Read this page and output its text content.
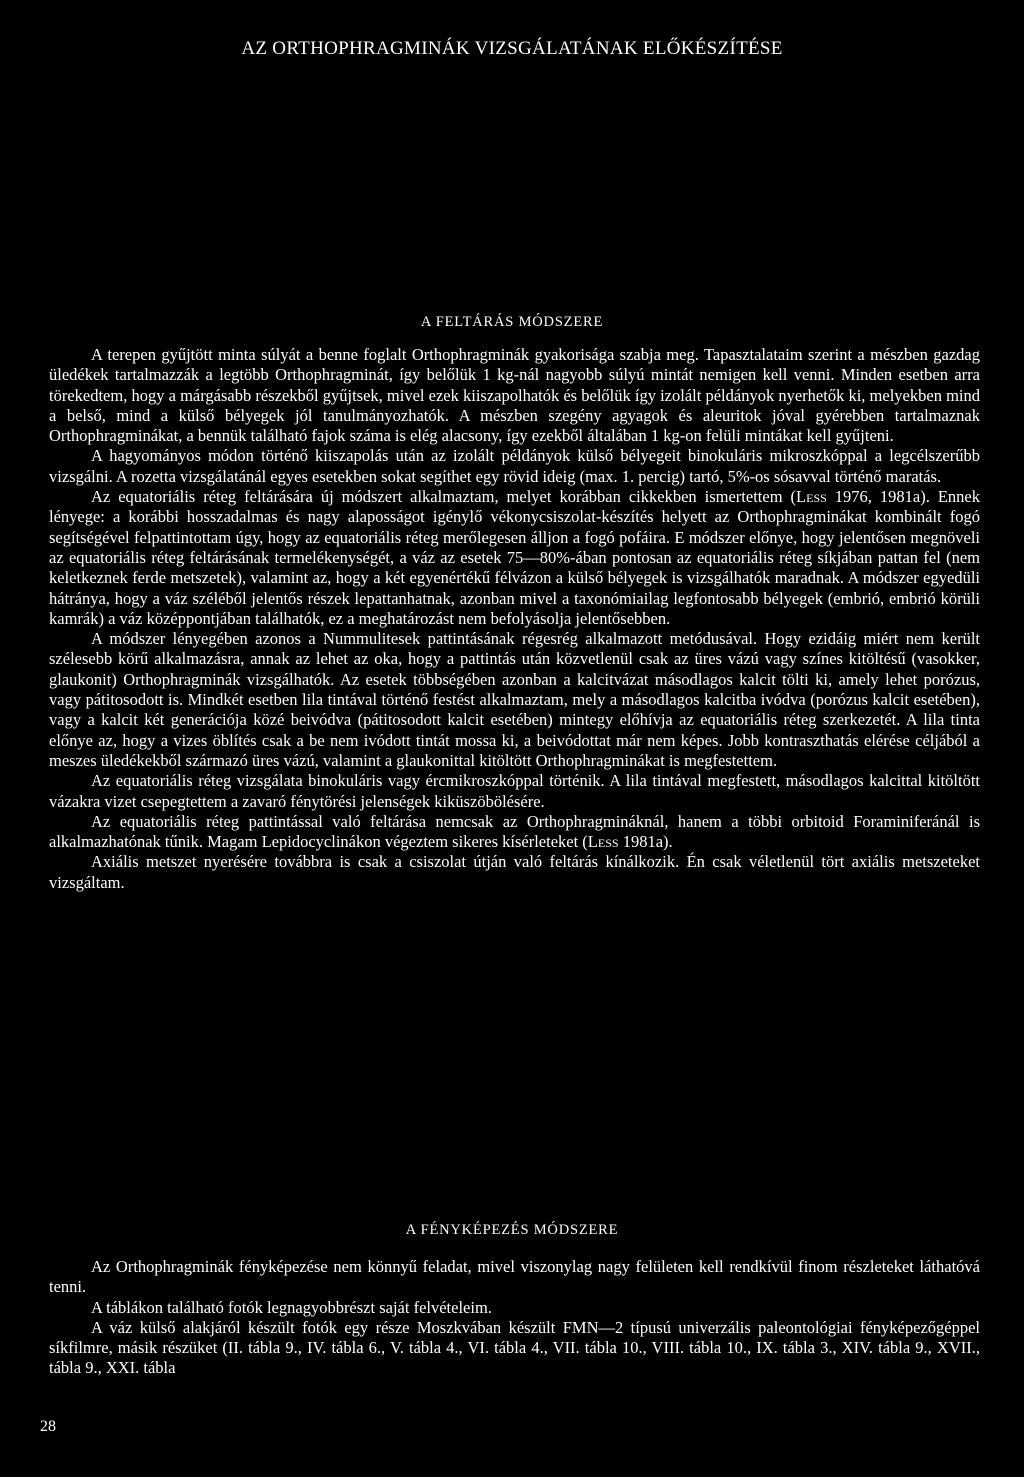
AZ ORTHOPHRAGMINÁK VIZSGÁLATÁNAK ELŐKÉSZÍTÉSE
A FELTÁRÁS MÓDSZERE

A terepen gyűjtött minta súlyát a benne foglalt Orthophragminák gyakorisága szabja meg. Tapasztalataim szerint a mészben gazdag üledékek tartalmazzák a legtöbb Orthophragminát, így belőlük 1 kg-nál nagyobb súlyú mintát nemigen kell venni. Minden esetben arra törekedtem, hogy a márgásabb részekből gyűjtsek, mivel ezek kiiszapolhatók és belőlük így izolált példányok nyerhetők ki, melyekben mind a belső, mind a külső bélyegek jól tanulmányozhatók. A mészben szegény agyagok és aleuritok jóval gyérebben tartalmaznak Orthophragminákat, a bennük található fajok száma is elég alacsony, így ezekből általában 1 kg-on felüli mintákat kell gyűjteni.

A hagyományos módon történő kiiszapolás után az izolált példányok külső bélyegeit binokuláris mikroszkóppal a legcélszerűbb vizsgálni. A rozetta vizsgálatánál egyes esetekben sokat segíthet egy rövid ideig (max. 1. percig) tartó, 5%-os sósavval történő maratás.

Az equatoriális réteg feltárására új módszert alkalmaztam, melyet korábban cikkekben ismertettem (Less 1976, 1981a). Ennek lényege: a korábbi hosszadalmas és nagy alaposságot igénylő vékonycsiszolat-készítés helyett az Orthophragminákat kombinált fogó segítségével felpattintottam úgy, hogy az equatoriális réteg merőlegesen álljon a fogó pofáira. E módszer előnye, hogy jelentősen megnöveli az equatoriális réteg feltárásának termelékenységét, a váz az esetek 75—80%-ában pontosan az equatoriális réteg síkjában pattan fel (nem keletkeznek ferde metszetek), valamint az, hogy a két egyenértékű félvázon a külső bélyegek is vizsgálhatók maradnak. A módszer egyedüli hátránya, hogy a váz széléből jelentős részek lepattanhatnak, azonban mivel a taxonómiailag legfontosabb bélyegek (embrió, embrió körüli kamrák) a váz középpontjában találhatók, ez a meghatározást nem befolyásolja jelentősebben.

A módszer lényegében azonos a Nummulitesek pattintásának régesrég alkalmazott metódusával. Hogy ezidáig miért nem került szélesebb körű alkalmazásra, annak az lehet az oka, hogy a pattintás után közvetlenül csak az üres vázú vagy színes kitöltésű (vasokker, glaukonit) Orthophragminák vizsgálhatók. Az esetek többségében azonban a kalcitvázat másodlagos kalcit tölti ki, amely lehet porózus, vagy pátitosodott is. Mindkét esetben lila tintával történő festést alkalmaztam, mely a másodlagos kalcitba ivódva (porózus kalcit esetében), vagy a kalcit két generációja közé beivódva (pátitosodott kalcit esetében) mintegy előhívja az equatoriális réteg szerkezetét. A lila tinta előnye az, hogy a vizes öblítés csak a be nem ivódott tintát mossa ki, a beivódottat már nem képes. Jobb kontraszthatás elérése céljából a meszes üledékekből származó üres vázú, valamint a glaukonittal kitöltött Orthophragminákat is megfestettem.

Az equatoriális réteg vizsgálata binokuláris vagy ércmikroszkóppal történik. A lila tintával megfestett, másodlagos kalcittal kitöltött vázakra vizet csepegtettem a zavaró fénytörési jelenségek kiküszöbölésére.

Az equatoriális réteg pattintással való feltárása nemcsak az Orthophragmináknál, hanem a többi orbitoid Foraminiferánál is alkalmazhatónak tűnik. Magam Lepidocyclinákon végeztem sikeres kísérleteket (Less 1981a).

Axiális metszet nyerésére továbbra is csak a csiszolat útján való feltárás kínálkozik. Én csak véletlenül tört axiális metszeteket vizsgáltam.

A FÉNYKÉPEZÉS MÓDSZERE

Az Orthophragminák fényképezése nem könnyű feladat, mivel viszonylag nagy felületen kell rendkívül finom részleteket láthatóvá tenni.

A táblákon található fotók legnagyobbrészt saját felvételeim.

A váz külső alakjáról készült fotók egy része Moszkvában készült FMN—2 típusú univerzális paleontológiai fényképezőgéppel síkfilmre, másik részüket (II. tábla 9., IV. tábla 6., V. tábla 4., VI. tábla 4., VII. tábla 10., VIII. tábla 10., IX. tábla 3., XIV. tábla 9., XVII., tábla 9., XXI. tábla

28
